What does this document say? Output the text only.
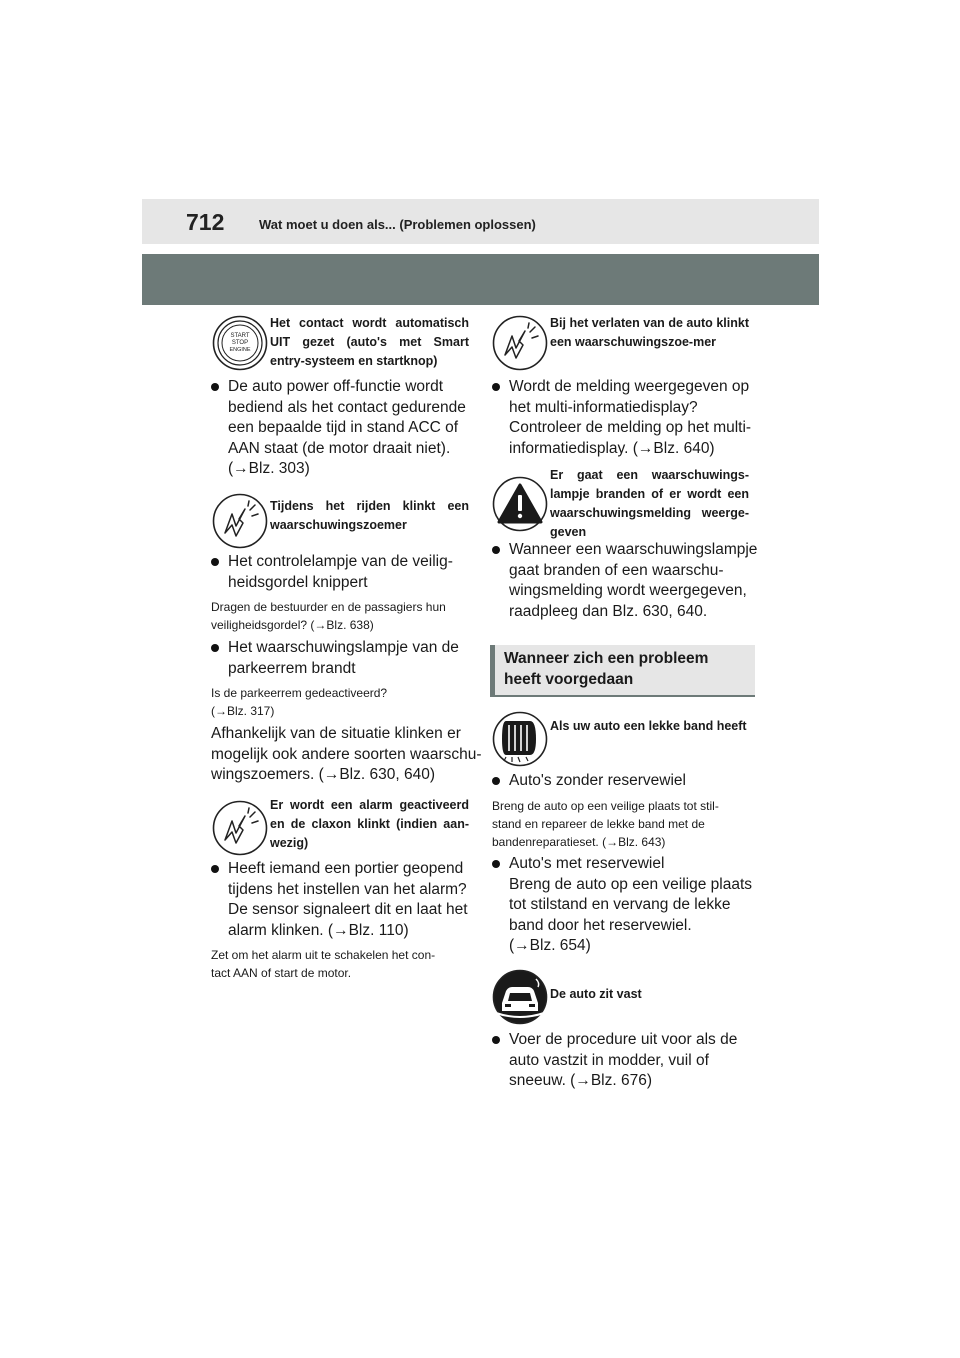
712	Wat moet u doen als... (Problemen oplossen)
START
STOP
ENGINE
Het contact wordt automatisch UIT gezet (auto's met Smart entry-systeem en startknop)
De auto power off-functie wordt
bediend als het contact gedurende
een bepaalde tijd in stand ACC of
AAN staat (de motor draait niet).
(→Blz. 303)
Tijdens het rijden klinkt een waarschuwingszoemer
Het controlelampje van de veilig-
heidsgordel knippert
Dragen de bestuurder en de passagiers hun
veiligheidsgordel? (→Blz. 638)
Het waarschuwingslampje van de
parkeerrem brandt
Is de parkeerrem gedeactiveerd?
(→Blz. 317)
Afhankelijk van de situatie klinken er
mogelijk ook andere soorten waarschu-
wingszoemers. (→Blz. 630, 640)
Er wordt een alarm geactiveerd en de claxon klinkt (indien aan-wezig)
Heeft iemand een portier geopend
tijdens het instellen van het alarm?
De sensor signaleert dit en laat het
alarm klinken. (→Blz. 110)
Zet om het alarm uit te schakelen het con-
tact AAN of start de motor.
Bij het verlaten van de auto klinkt een waarschuwingszoe-mer
Wordt de melding weergegeven op
het multi-informatiedisplay?
Controleer de melding op het multi-
informatiedisplay. (→Blz. 640)
Er gaat een waarschuwings-lampje branden of er wordt een waarschuwingsmelding weerge-geven
Wanneer een waarschuwingslampje
gaat branden of een waarschu-
wingsmelding wordt weergegeven,
raadpleeg dan Blz. 630, 640.
Wanneer zich een probleem
heeft voorgedaan
Als uw auto een lekke band heeft
Auto's zonder reservewiel
Breng de auto op een veilige plaats tot stil-
stand en repareer de lekke band met de
bandenreparatieset. (→Blz. 643)
Auto's met reservewiel
Breng de auto op een veilige plaats
tot stilstand en vervang de lekke
band door het reservewiel.
(→Blz. 654)
De auto zit vast
Voer de procedure uit voor als de
auto vastzit in modder, vuil of
sneeuw. (→Blz. 676)
